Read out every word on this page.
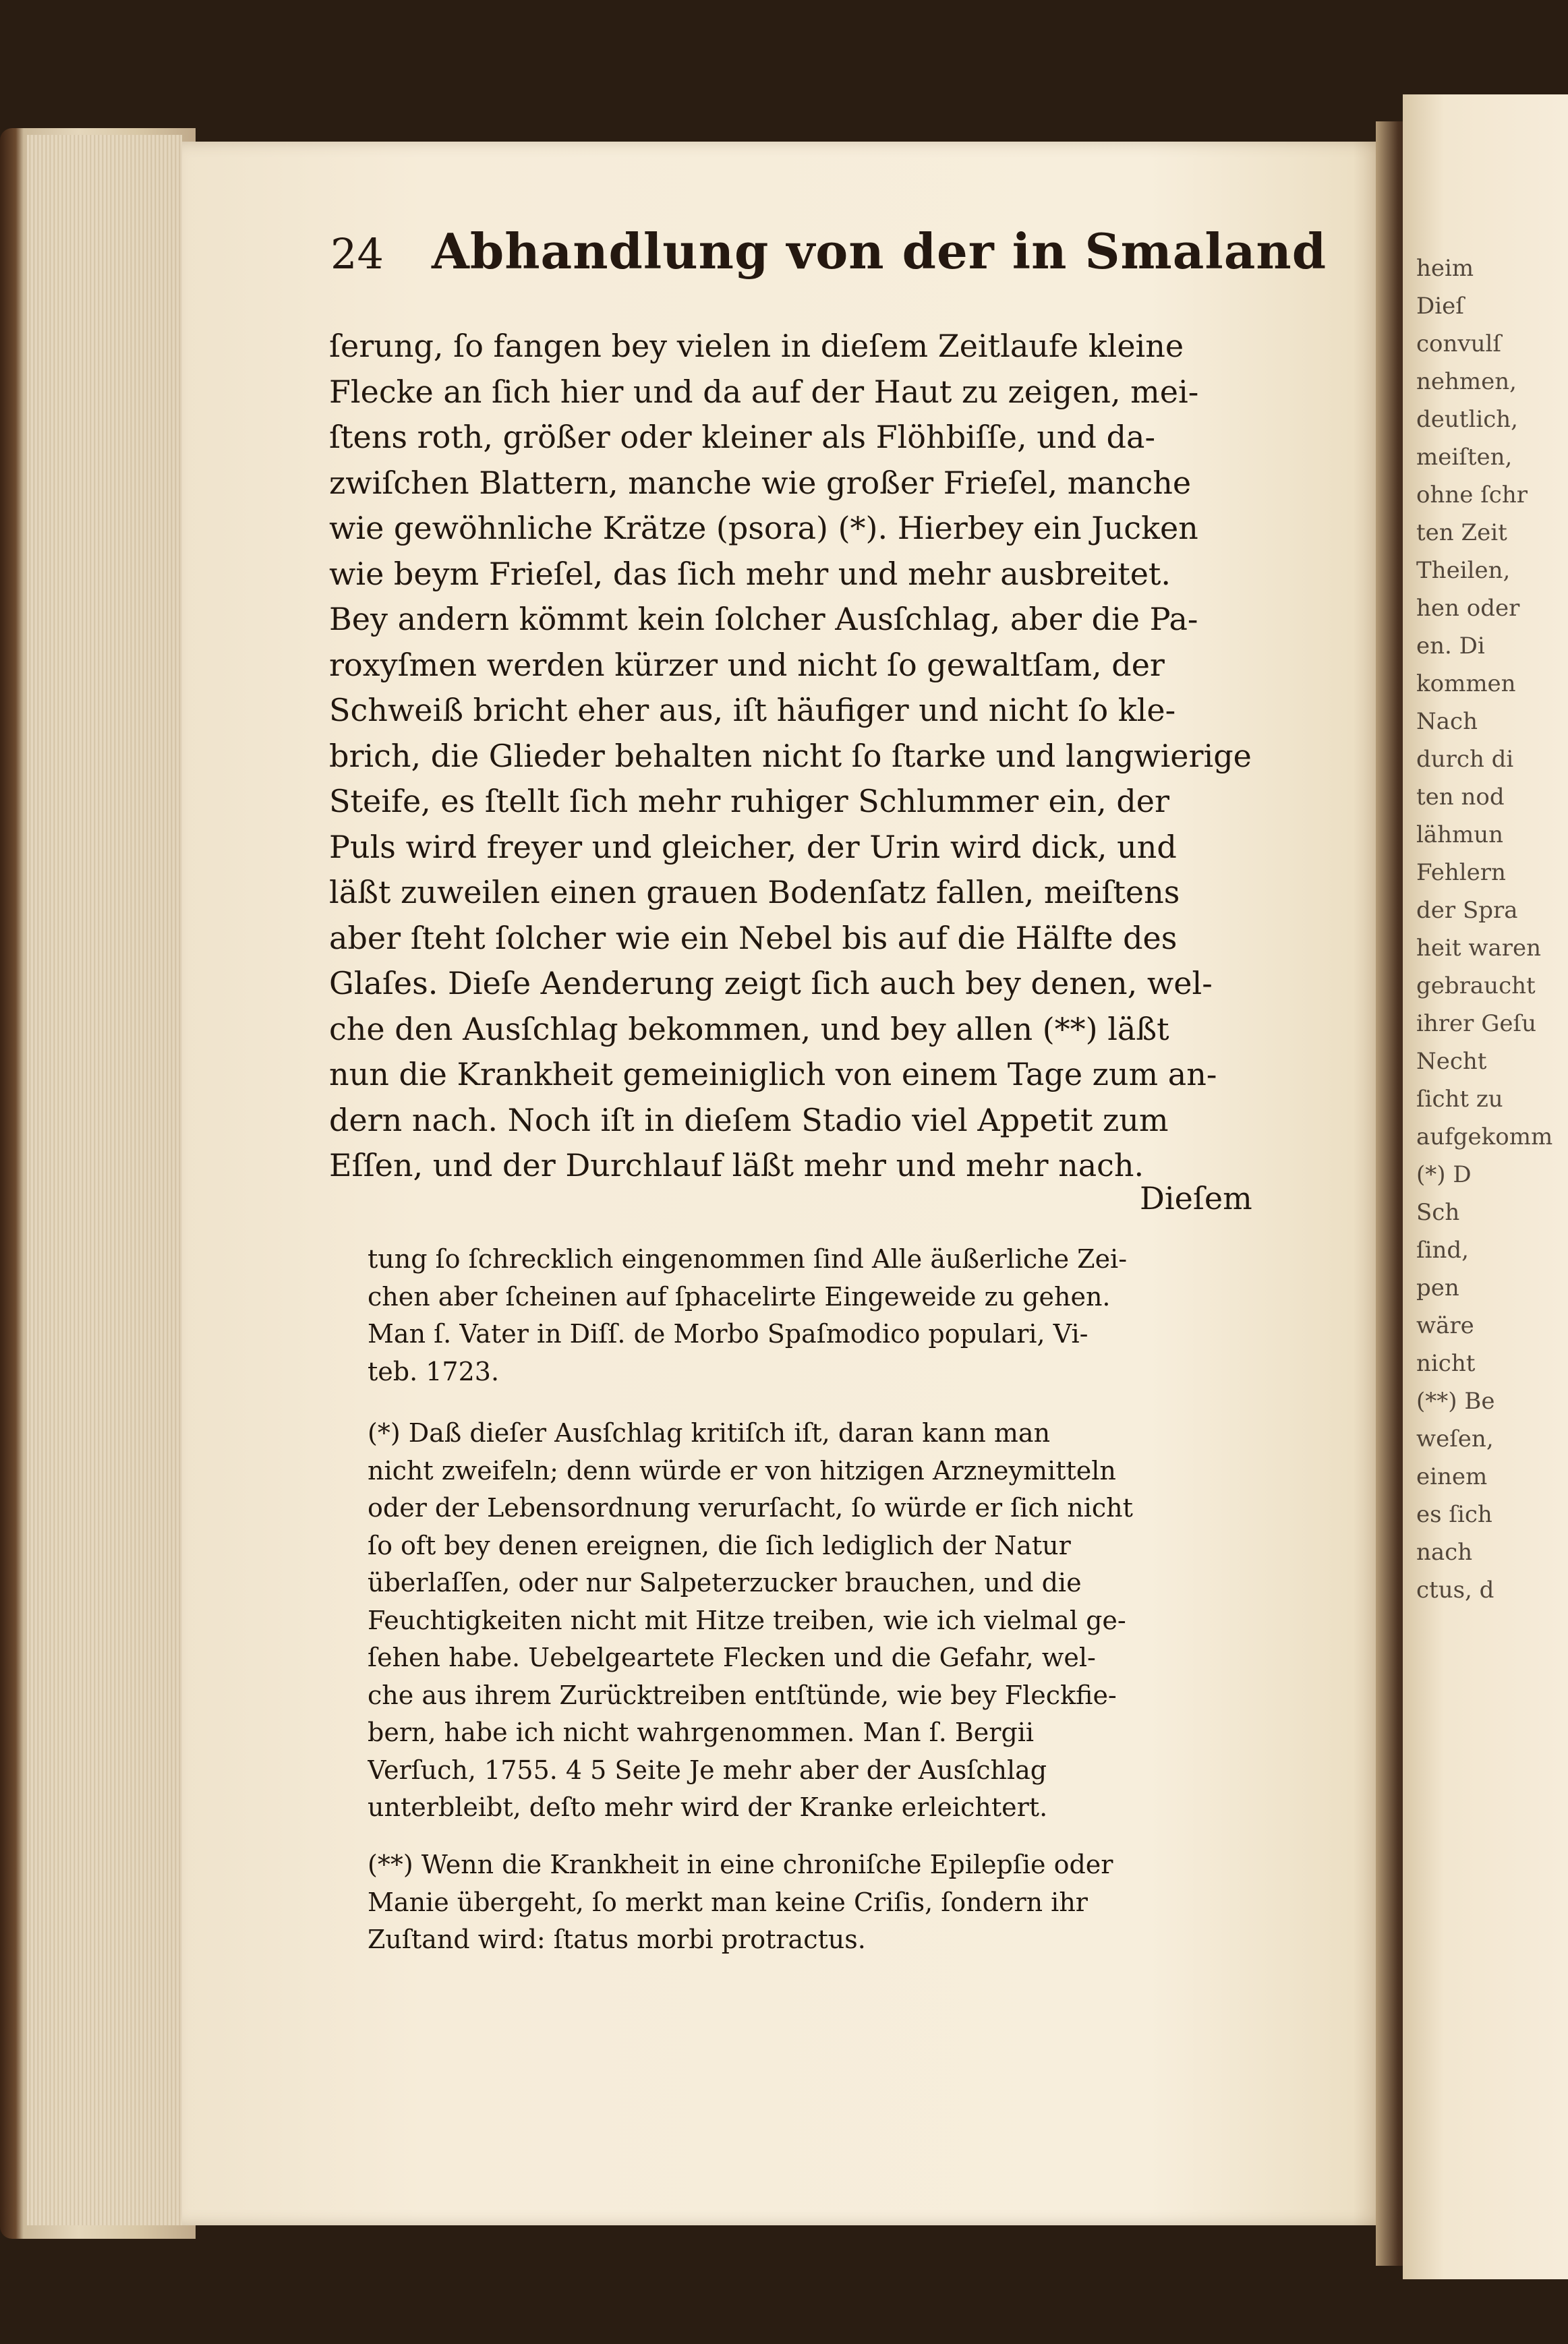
heim
Dieſ
convulſ
nehmen,
deutlich,
meiſten,
ohne ſchr
ten Zeit
Theilen,
hen oder
en. Di
kommen
Nach
durch di
ten nod
lähmun
Fehlern
der Spra
heit waren
gebraucht
ihrer Geſu
Necht
ſicht zu
aufgekomm
(*) D
Sch
ſind,
pen
wäre
nicht
(**) Be
weſen,
einem
es ſich
nach
ctus, d
24 Abhandlung von der in Smaland
ſerung, ſo fangen bey vielen in dieſem Zeitlaufe kleine
Flecke an ſich hier und da auf der Haut zu zeigen, mei-
ſtens roth, größer oder kleiner als Flöhbiſſe, und da-
zwiſchen Blattern, manche wie großer Frieſel, manche
wie gewöhnliche Krätze (psora) (*). Hierbey ein Jucken
wie beym Frieſel, das ſich mehr und mehr ausbreitet.
Bey andern kömmt kein ſolcher Ausſchlag, aber die Pa-
roxyſmen werden kürzer und nicht ſo gewaltſam, der
Schweiß bricht eher aus, iſt häufiger und nicht ſo kle-
brich, die Glieder behalten nicht ſo ſtarke und langwierige
Steife, es ſtellt ſich mehr ruhiger Schlummer ein, der
Puls wird freyer und gleicher, der Urin wird dick, und
läßt zuweilen einen grauen Bodenſatz fallen, meiſtens
aber ſteht ſolcher wie ein Nebel bis auf die Hälfte des
Glaſes. Dieſe Aenderung zeigt ſich auch bey denen, wel-
che den Ausſchlag bekommen, und bey allen (**) läßt
nun die Krankheit gemeiniglich von einem Tage zum an-
dern nach. Noch iſt in dieſem Stadio viel Appetit zum
Eſſen, und der Durchlauf läßt mehr und mehr nach.
Dieſem
tung ſo ſchrecklich eingenommen ſind Alle äußerliche Zei-
chen aber ſcheinen auf ſphacelirte Eingeweide zu gehen.
Man ſ. Vater in Diſſ. de Morbo Spaſmodico populari, Vi-
teb. 1723.
(*) Daß dieſer Ausſchlag kritiſch iſt, daran kann man
nicht zweifeln; denn würde er von hitzigen Arzneymitteln
oder der Lebensordnung verurſacht, ſo würde er ſich nicht
ſo oft bey denen ereignen, die ſich lediglich der Natur
überlaſſen, oder nur Salpeterzucker brauchen, und die
Feuchtigkeiten nicht mit Hitze treiben, wie ich vielmal ge-
ſehen habe. Uebelgeartete Flecken und die Gefahr, wel-
che aus ihrem Zurücktreiben entſtünde, wie bey Fleckfie-
bern, habe ich nicht wahrgenommen. Man ſ. Bergii
Verſuch, 1755. 4 5 Seite Je mehr aber der Ausſchlag
unterbleibt, deſto mehr wird der Kranke erleichtert.
(**) Wenn die Krankheit in eine chroniſche Epilepſie oder
Manie übergeht, ſo merkt man keine Criſis, ſondern ihr
Zuſtand wird: ſtatus morbi protractus.
